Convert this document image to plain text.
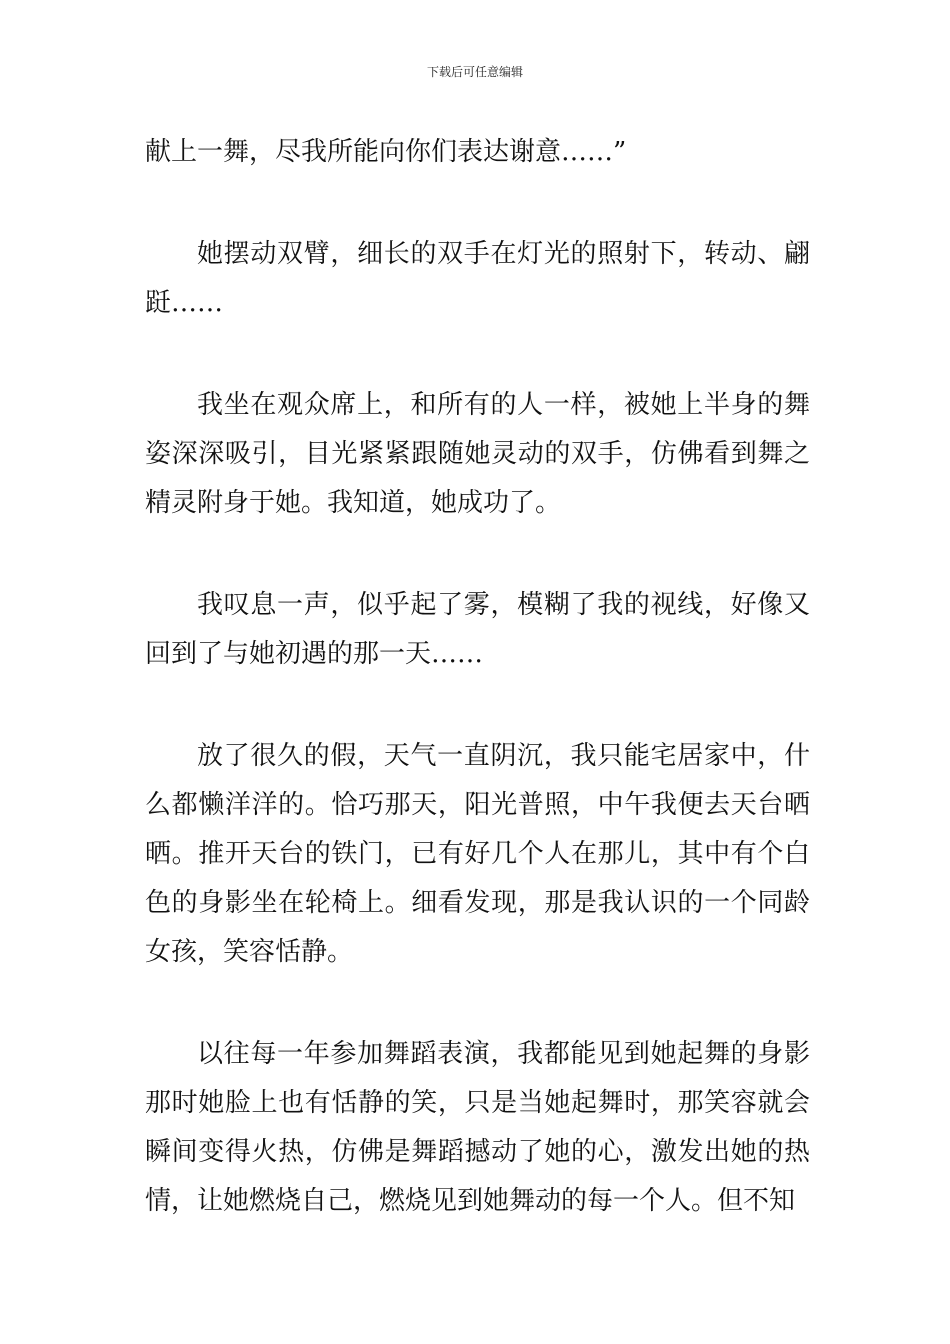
下载后可任意编辑

献上一舞，尽我所能向你们表达谢意……”

她摆动双臂，细长的双手在灯光的照射下，转动、翩跹……

我坐在观众席上，和所有的人一样，被她上半身的舞姿深深吸引，目光紧紧跟随她灵动的双手，仿佛看到舞之精灵附身于她。我知道，她成功了。

我叹息一声，似乎起了雾，模糊了我的视线，好像又回到了与她初遇的那一天……

放了很久的假，天气一直阴沉，我只能宅居家中，什么都懒洋洋的。恰巧那天，阳光普照，中午我便去天台晒晒。推开天台的铁门，已有好几个人在那儿，其中有个白色的身影坐在轮椅上。细看发现，那是我认识的一个同龄女孩，笑容恬静。

以往每一年参加舞蹈表演，我都能见到她起舞的身影那时她脸上也有恬静的笑，只是当她起舞时，那笑容就会瞬间变得火热，仿佛是舞蹈撼动了她的心，激发出她的热情，让她燃烧自己，燃烧见到她舞动的每一个人。但不知
